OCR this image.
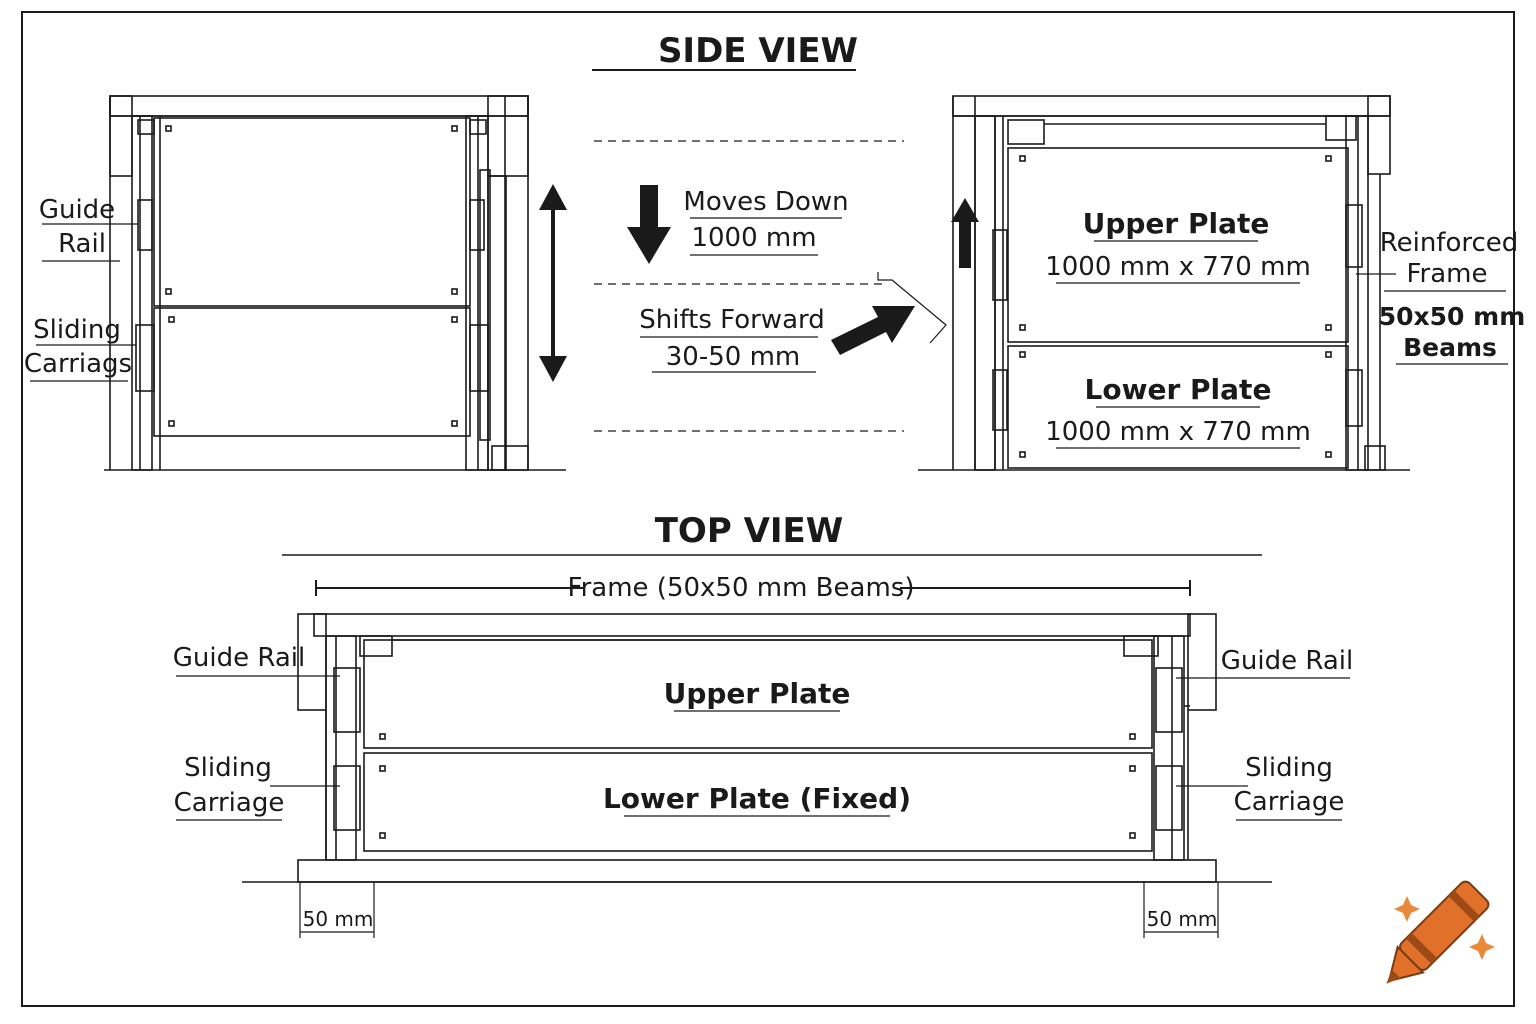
SIDE VIEW
Guide
Rail
Sliding
Carriags
Moves Down
1000 mm
Shifts Forward
30-50 mm
Upper Plate
1000 mm x 770 mm
Lower Plate
1000 mm x 770 mm
Reinforced
Frame
50x50 mm
Beams
TOP VIEW
Frame (50x50 mm Beams)
Upper Plate
Lower Plate (Fixed)
Guide Rail	Guide Rail
Sliding
Carriage
Sliding
Carriage
50 mm	50 mm
